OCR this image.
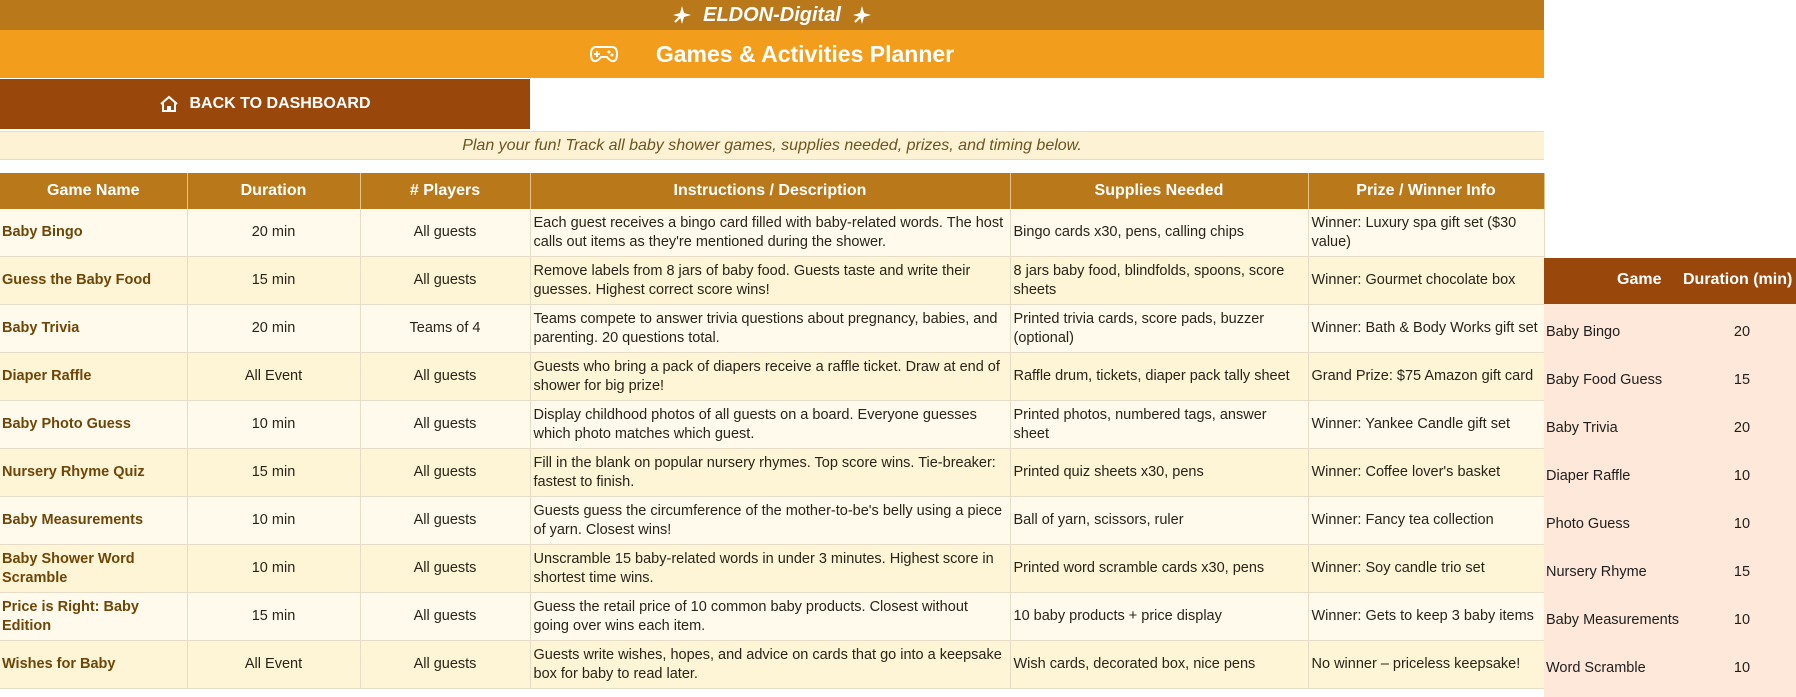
ELDON-Digital
Games & Activities Planner
BACK TO DASHBOARD
Plan your fun! Track all baby shower games, supplies needed, prizes, and timing below.
Game Name	Duration	# Players	Instructions / Description	Supplies Needed	Prize / Winner Info
Baby Bingo	20 min	All guests	Each guest receives a bingo card filled with baby-related words. The host calls out items as they're mentioned during the shower.	Bingo cards x30, pens, calling chips	Winner: Luxury spa gift set ($30 value)
Guess the Baby Food	15 min	All guests	Remove labels from 8 jars of baby food. Guests taste and write their guesses. Highest correct score wins!	8 jars baby food, blindfolds, spoons, score sheets	Winner: Gourmet chocolate box
Baby Trivia	20 min	Teams of 4	Teams compete to answer trivia questions about pregnancy, babies, and parenting. 20 questions total.	Printed trivia cards, score pads, buzzer (optional)	Winner: Bath & Body Works gift set
Diaper Raffle	All Event	All guests	Guests who bring a pack of diapers receive a raffle ticket. Draw at end of shower for big prize!	Raffle drum, tickets, diaper pack tally sheet	Grand Prize: $75 Amazon gift card
Baby Photo Guess	10 min	All guests	Display childhood photos of all guests on a board. Everyone guesses which photo matches which guest.	Printed photos, numbered tags, answer sheet	Winner: Yankee Candle gift set
Nursery Rhyme Quiz	15 min	All guests	Fill in the blank on popular nursery rhymes. Top score wins. Tie-breaker: fastest to finish.	Printed quiz sheets x30, pens	Winner: Coffee lover's basket
Baby Measurements	10 min	All guests	Guests guess the circumference of the mother-to-be's belly using a piece of yarn. Closest wins!	Ball of yarn, scissors, ruler	Winner: Fancy tea collection
Baby Shower Word Scramble	10 min	All guests	Unscramble 15 baby-related words in under 3 minutes. Highest score in shortest time wins.	Printed word scramble cards x30, pens	Winner: Soy candle trio set
Price is Right: Baby Edition	15 min	All guests	Guess the retail price of 10 common baby products. Closest without going over wins each item.	10 baby products + price display	Winner: Gets to keep 3 baby items
Wishes for Baby	All Event	All guests	Guests write wishes, hopes, and advice on cards that go into a keepsake box for baby to read later.	Wish cards, decorated box, nice pens	No winner – priceless keepsake!
Game Duration (min)
Baby Bingo	20
Baby Food Guess	15
Baby Trivia	20
Diaper Raffle	10
Photo Guess	10
Nursery Rhyme	15
Baby Measurements	10
Word Scramble	10
